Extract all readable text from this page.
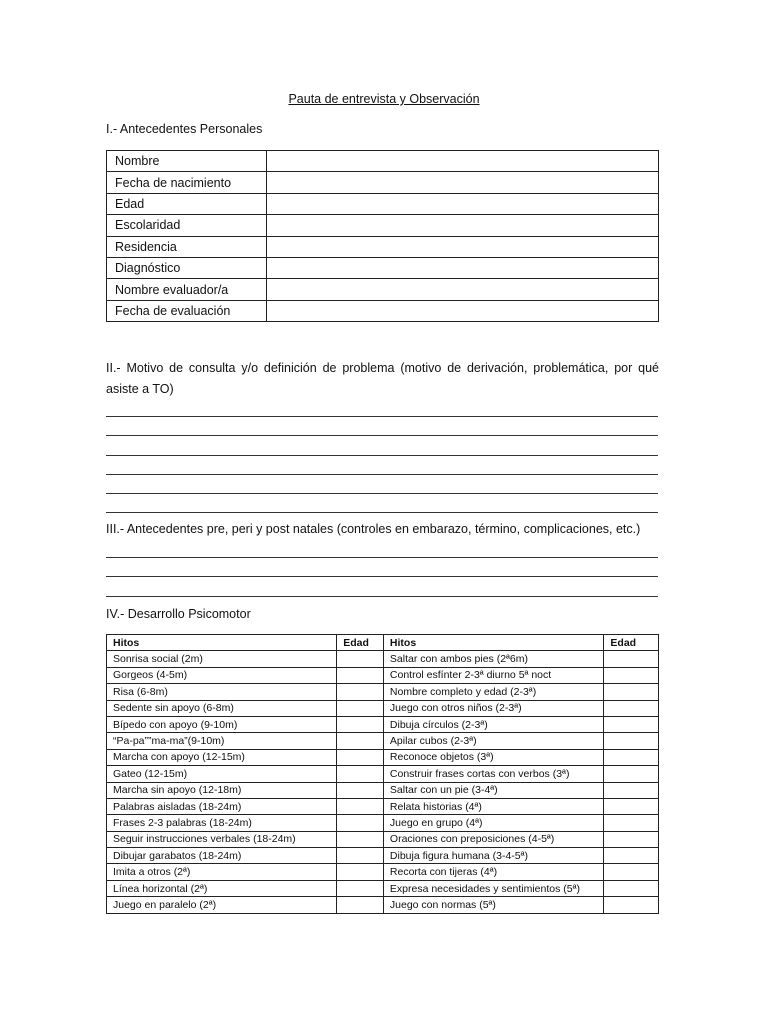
Pauta de entrevista y Observación
I.- Antecedentes Personales
Nombre	
Fecha de nacimiento	
Edad	
Escolaridad	
Residencia	
Diagnóstico	
Nombre evaluador/a	
Fecha de evaluación	
II.- Motivo de consulta y/o definición de problema (motivo de derivación, problemática, por qué asiste a TO)
III.- Antecedentes pre, peri y post natales (controles en embarazo, término, complicaciones, etc.)
IV.- Desarrollo Psicomotor
Hitos	Edad	Hitos	Edad
Sonrisa social (2m)		Saltar con ambos pies (2ª6m)	
Gorgeos (4-5m)		Control esfínter 2-3ª diurno 5ª noct	
Risa (6-8m)		Nombre completo y edad (2-3ª)	
Sedente sin apoyo (6-8m)		Juego con otros niños (2-3ª)	
Bípedo con apoyo (9-10m)		Dibuja círculos (2-3ª)	
“Pa-pa””ma-ma”(9-10m)		Apilar cubos (2-3ª)	
Marcha con apoyo (12-15m)		Reconoce objetos (3ª)	
Gateo (12-15m)		Construir frases cortas con verbos (3ª)	
Marcha sin apoyo (12-18m)		Saltar con un pie (3-4ª)	
Palabras aisladas (18-24m)		Relata historias (4ª)	
Frases 2-3 palabras (18-24m)		Juego en grupo (4ª)	
Seguir instrucciones verbales (18-24m)		Oraciones con preposiciones (4-5ª)	
Dibujar garabatos (18-24m)		Dibuja figura humana (3-4-5ª)	
Imita a otros (2ª)		Recorta con tijeras (4ª)	
Línea horizontal (2ª)		Expresa necesidades y sentimientos (5ª)	
Juego en paralelo (2ª)		Juego con normas (5ª)	
